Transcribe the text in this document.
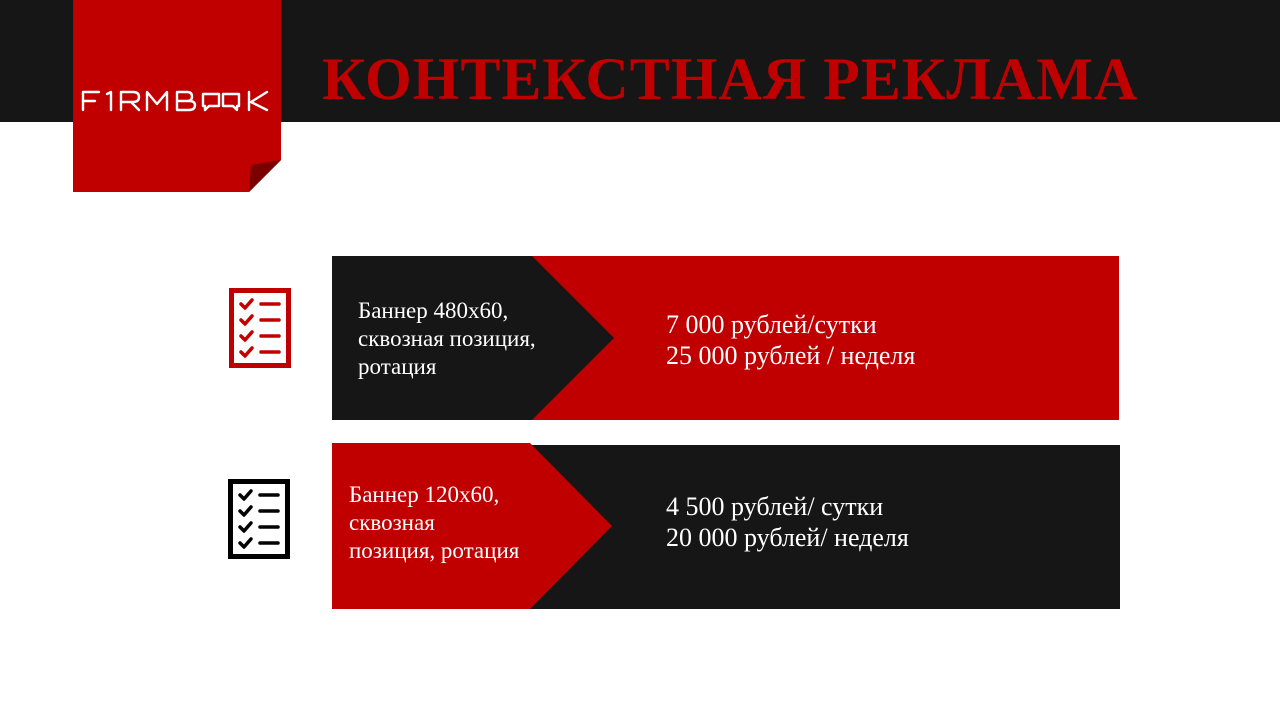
КОНТЕКСТНАЯ РЕКЛАМА
Баннер 480х60,
сквозная позиция,
ротация
7 000 рублей/сутки
25 000 рублей / неделя
Баннер 120х60,
сквозная
позиция, ротация
4 500 рублей/ сутки
20 000 рублей/ неделя
